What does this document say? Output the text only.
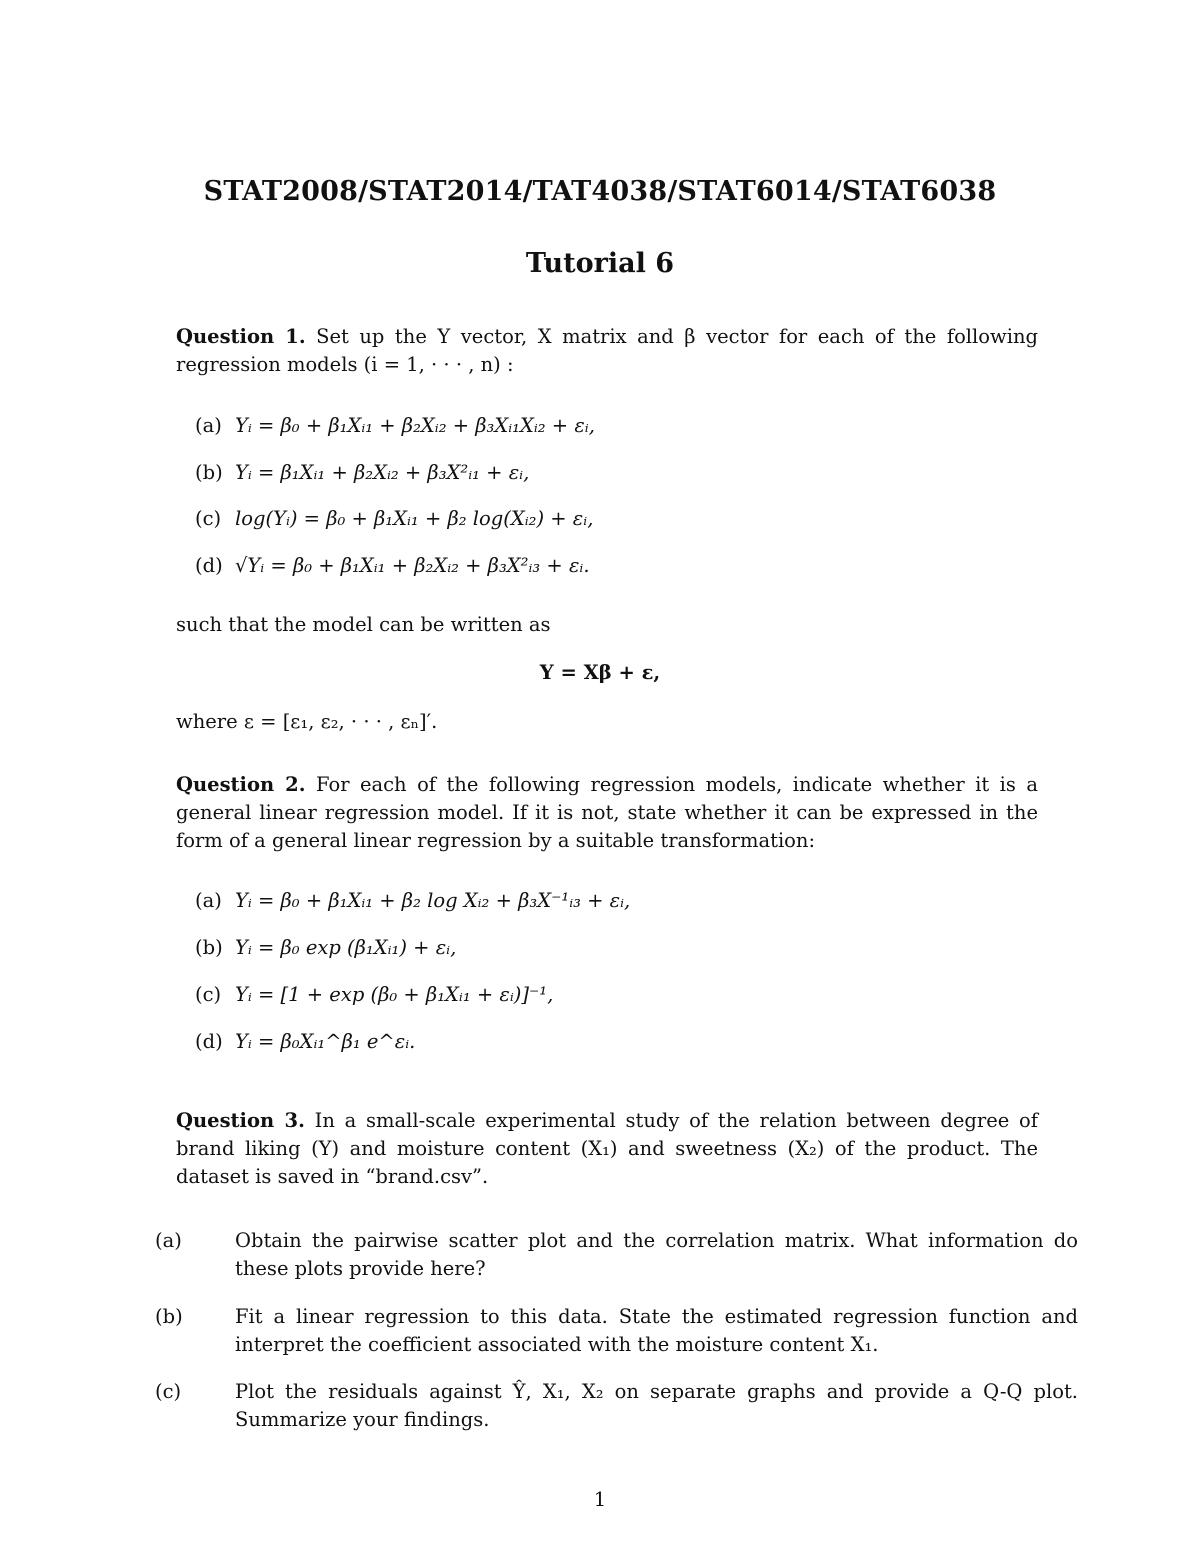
STAT2008/STAT2014/TAT4038/STAT6014/STAT6038
Tutorial 6
Question 1. Set up the Y vector, X matrix and β vector for each of the following regression models (i = 1, · · · , n) :
(a) Yᵢ = β₀ + β₁Xᵢ₁ + β₂Xᵢ₂ + β₃Xᵢ₁Xᵢ₂ + εᵢ,
(b) Yᵢ = β₁Xᵢ₁ + β₂Xᵢ₂ + β₃X²ᵢ₁ + εᵢ,
(c) log(Yᵢ) = β₀ + β₁Xᵢ₁ + β₂ log(Xᵢ₂) + εᵢ,
(d) √Yᵢ = β₀ + β₁Xᵢ₁ + β₂Xᵢ₂ + β₃X²ᵢ₃ + εᵢ.
such that the model can be written as
Y = Xβ + ε,
where ε = [ε₁, ε₂, · · · , εₙ]′.
Question 2. For each of the following regression models, indicate whether it is a general linear regression model. If it is not, state whether it can be expressed in the form of a general linear regression by a suitable transformation:
(a) Yᵢ = β₀ + β₁Xᵢ₁ + β₂ log Xᵢ₂ + β₃X⁻¹ᵢ₃ + εᵢ,
(b) Yᵢ = β₀ exp (β₁Xᵢ₁) + εᵢ,
(c) Yᵢ = [1 + exp (β₀ + β₁Xᵢ₁ + εᵢ)]⁻¹,
(d) Yᵢ = β₀Xᵢ₁^β₁ e^εᵢ.
Question 3. In a small-scale experimental study of the relation between degree of brand liking (Y) and moisture content (X₁) and sweetness (X₂) of the product. The dataset is saved in “brand.csv”.
(a)	Obtain the pairwise scatter plot and the correlation matrix. What information do these plots provide here?
(b)	Fit a linear regression to this data. State the estimated regression function and interpret the coefficient associated with the moisture content X₁.
(c)	Plot the residuals against Ŷ, X₁, X₂ on separate graphs and provide a Q-Q plot. Summarize your findings.
1
